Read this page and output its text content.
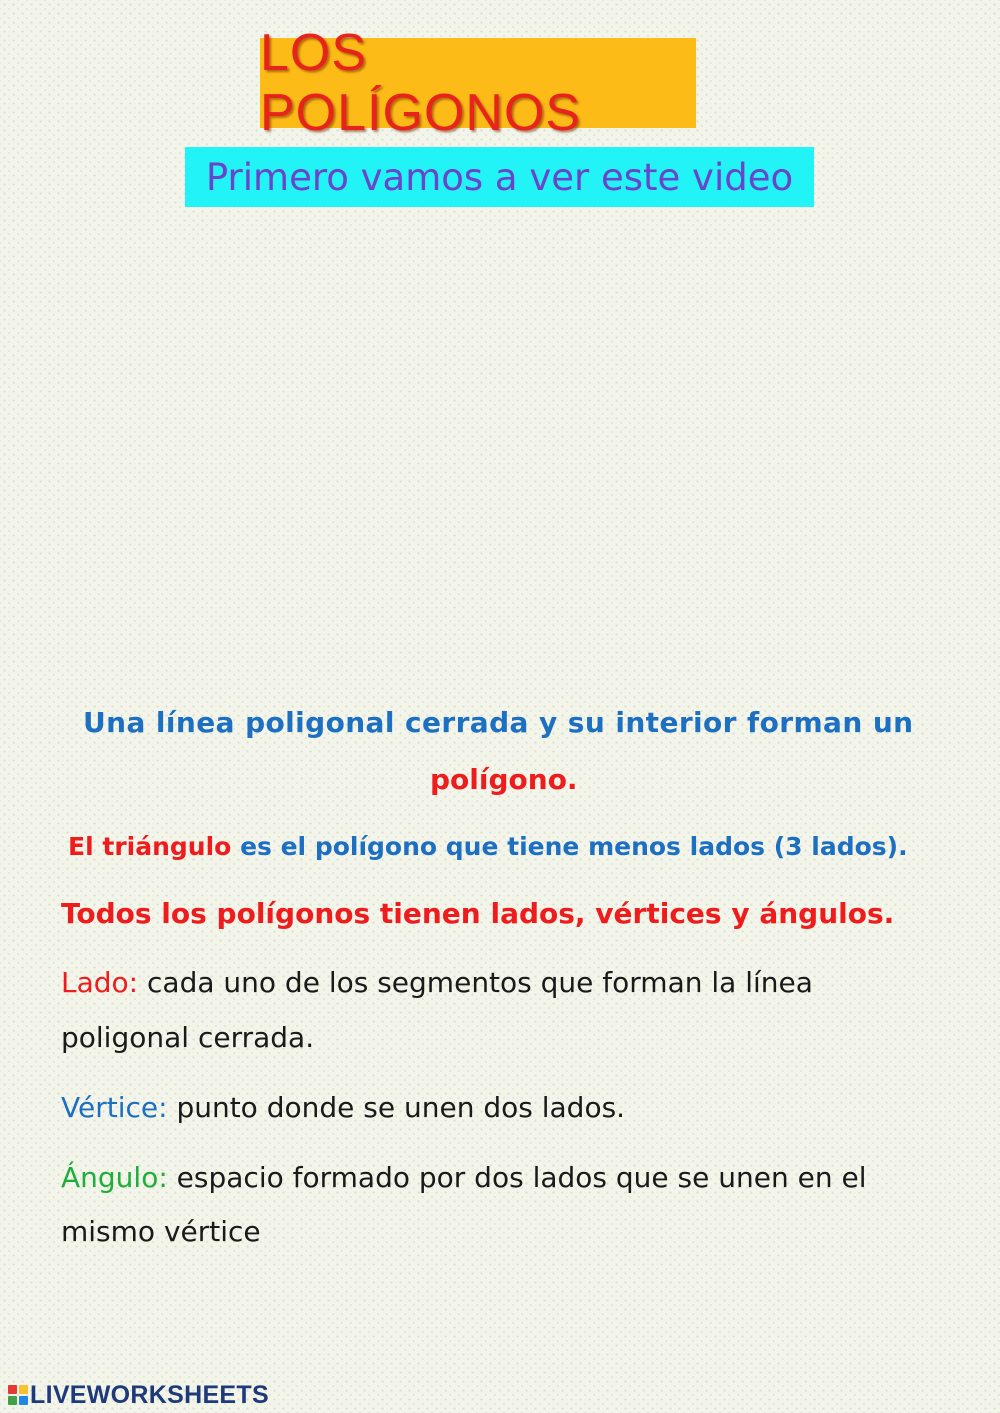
LOS POLÍGONOS
Primero vamos a ver este video
Una línea poligonal cerrada y su interior forman un
polígono.
El triángulo es el polígono que tiene menos lados (3 lados).
Todos los polígonos tienen lados, vértices y ángulos.
Lado: cada uno de los segmentos que forman la línea
poligonal cerrada.
Vértice: punto donde se unen dos lados.
Ángulo: espacio formado por dos lados que se unen en el
mismo vértice
LIVEWORKSHEETS
